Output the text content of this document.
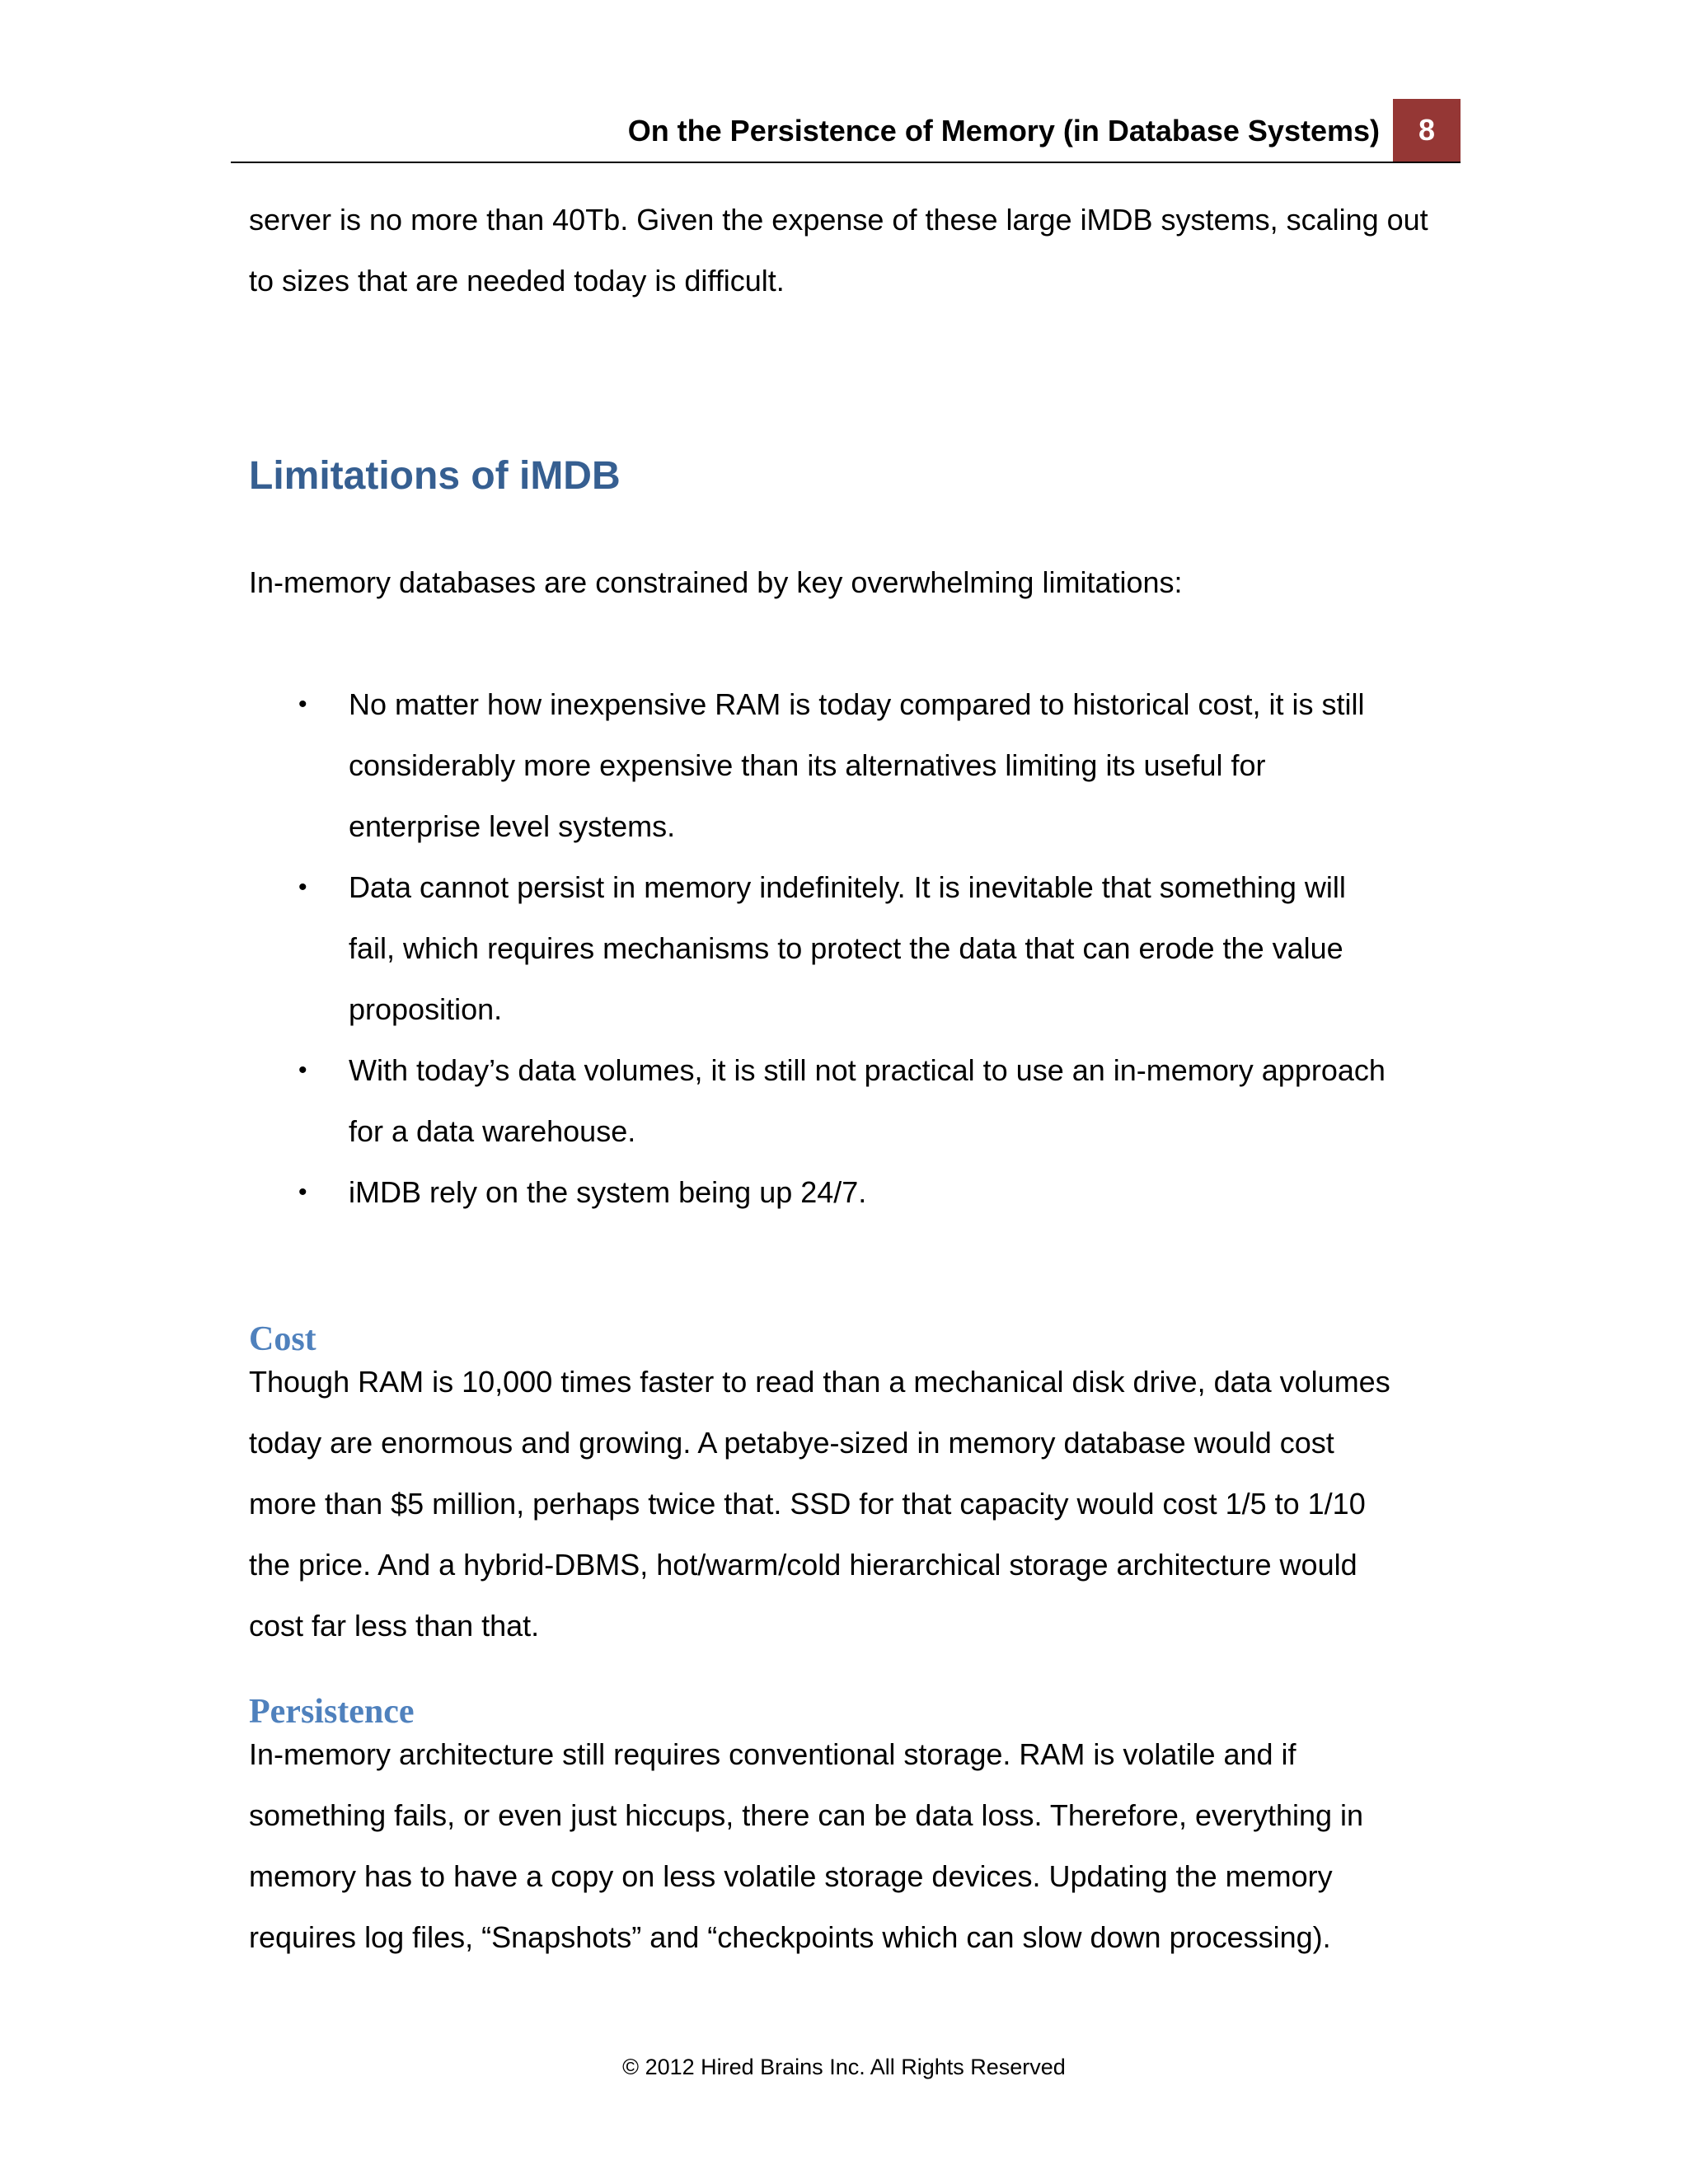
On the Persistence of Memory (in Database Systems)	8

server is no more than 40Tb. Given the expense of these large iMDB systems, scaling out

to sizes that are needed today is difficult.

Limitations of iMDB

In-memory databases are constrained by key overwhelming limitations:

• No matter how inexpensive RAM is today compared to historical cost, it is still
considerably more expensive than its alternatives limiting its useful for
enterprise level systems.
• Data cannot persist in memory indefinitely. It is inevitable that something will
fail, which requires mechanisms to protect the data that can erode the value
proposition.
• With today’s data volumes, it is still not practical to use an in-memory approach
for a data warehouse.
• iMDB rely on the system being up 24/7.
Cost

Though RAM is 10,000 times faster to read than a mechanical disk drive, data volumes

today are enormous and growing. A petabye-sized in memory database would cost

more than $5 million, perhaps twice that. SSD for that capacity would cost 1/5 to 1/10

the price. And a hybrid-DBMS, hot/warm/cold hierarchical storage architecture would

cost far less than that.

Persistence

In-memory architecture still requires conventional storage. RAM is volatile and if

something fails, or even just hiccups, there can be data loss. Therefore, everything in

memory has to have a copy on less volatile storage devices. Updating the memory

requires log files, “Snapshots” and “checkpoints which can slow down processing).

© 2012 Hired Brains Inc. All Rights Reserved
